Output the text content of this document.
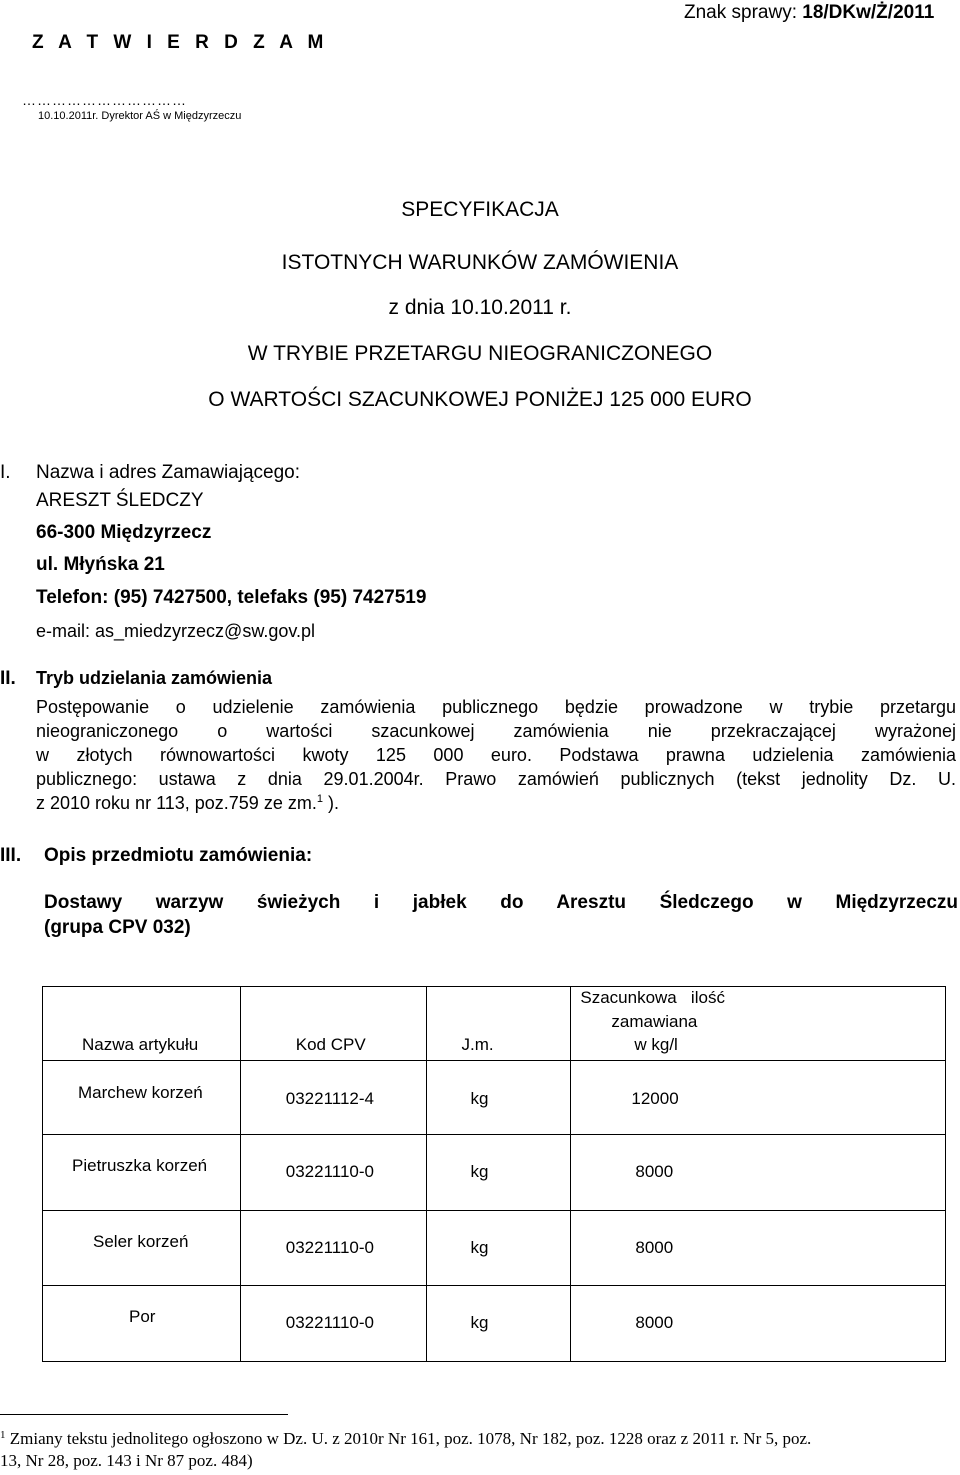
Z A T W I E R D Z A M
Znak sprawy: 18/DKw/Ż/2011
……………………………
10.10.2011r. Dyrektor AŚ w Międzyrzeczu
SPECYFIKACJA
ISTOTNYCH WARUNKÓW ZAMÓWIENIA
z dnia 10.10.2011 r.
W TRYBIE PRZETARGU NIEOGRANICZONEGO
O WARTOŚCI SZACUNKOWEJ PONIŻEJ 125 000 EURO
I. Nazwa i adres Zamawiającego:
ARESZT ŚLEDCZY
66-300 Międzyrzecz
ul. Młyńska 21
Telefon: (95) 7427500, telefaks (95) 7427519
e-mail: as_miedzyrzecz@sw.gov.pl
II. Tryb udzielania zamówienia
Postępowanie o udzielenie zamówienia publicznego będzie prowadzone w trybie przetargu
nieograniczonego o wartości szacunkowej zamówienia nie przekraczającej wyrażonej
w złotych równowartości kwoty 125 000 euro. Podstawa prawna udzielenia zamówienia
publicznego: ustawa z dnia 29.01.2004r. Prawo zamówień publicznych (tekst jednolity Dz. U.
z 2010 roku nr 113, poz.759 ze zm.$^1$ ).
III. Opis przedmiotu zamówienia:
Dostawy warzyw świeżych i jabłek do Aresztu Śledczego w Międzyrzeczu
(grupa CPV 032)
Nazwa artykułu	Kod CPV	J.m.	Szacunkowa   ilość
zamawiana
w kg/l

Marchew korzeń	03221112-4	kg	12000

Pietruszka korzeń	03221110-0	kg	8000

Seler korzeń	03221110-0	kg	8000

Por	03221110-0	kg	8000
$^1$ Zmiany tekstu jednolitego ogłoszono w Dz. U. z 2010r Nr 161, poz. 1078, Nr 182, poz. 1228 oraz z 2011 r. Nr 5, poz.
13, Nr 28, poz. 143 i Nr 87 poz. 484)
